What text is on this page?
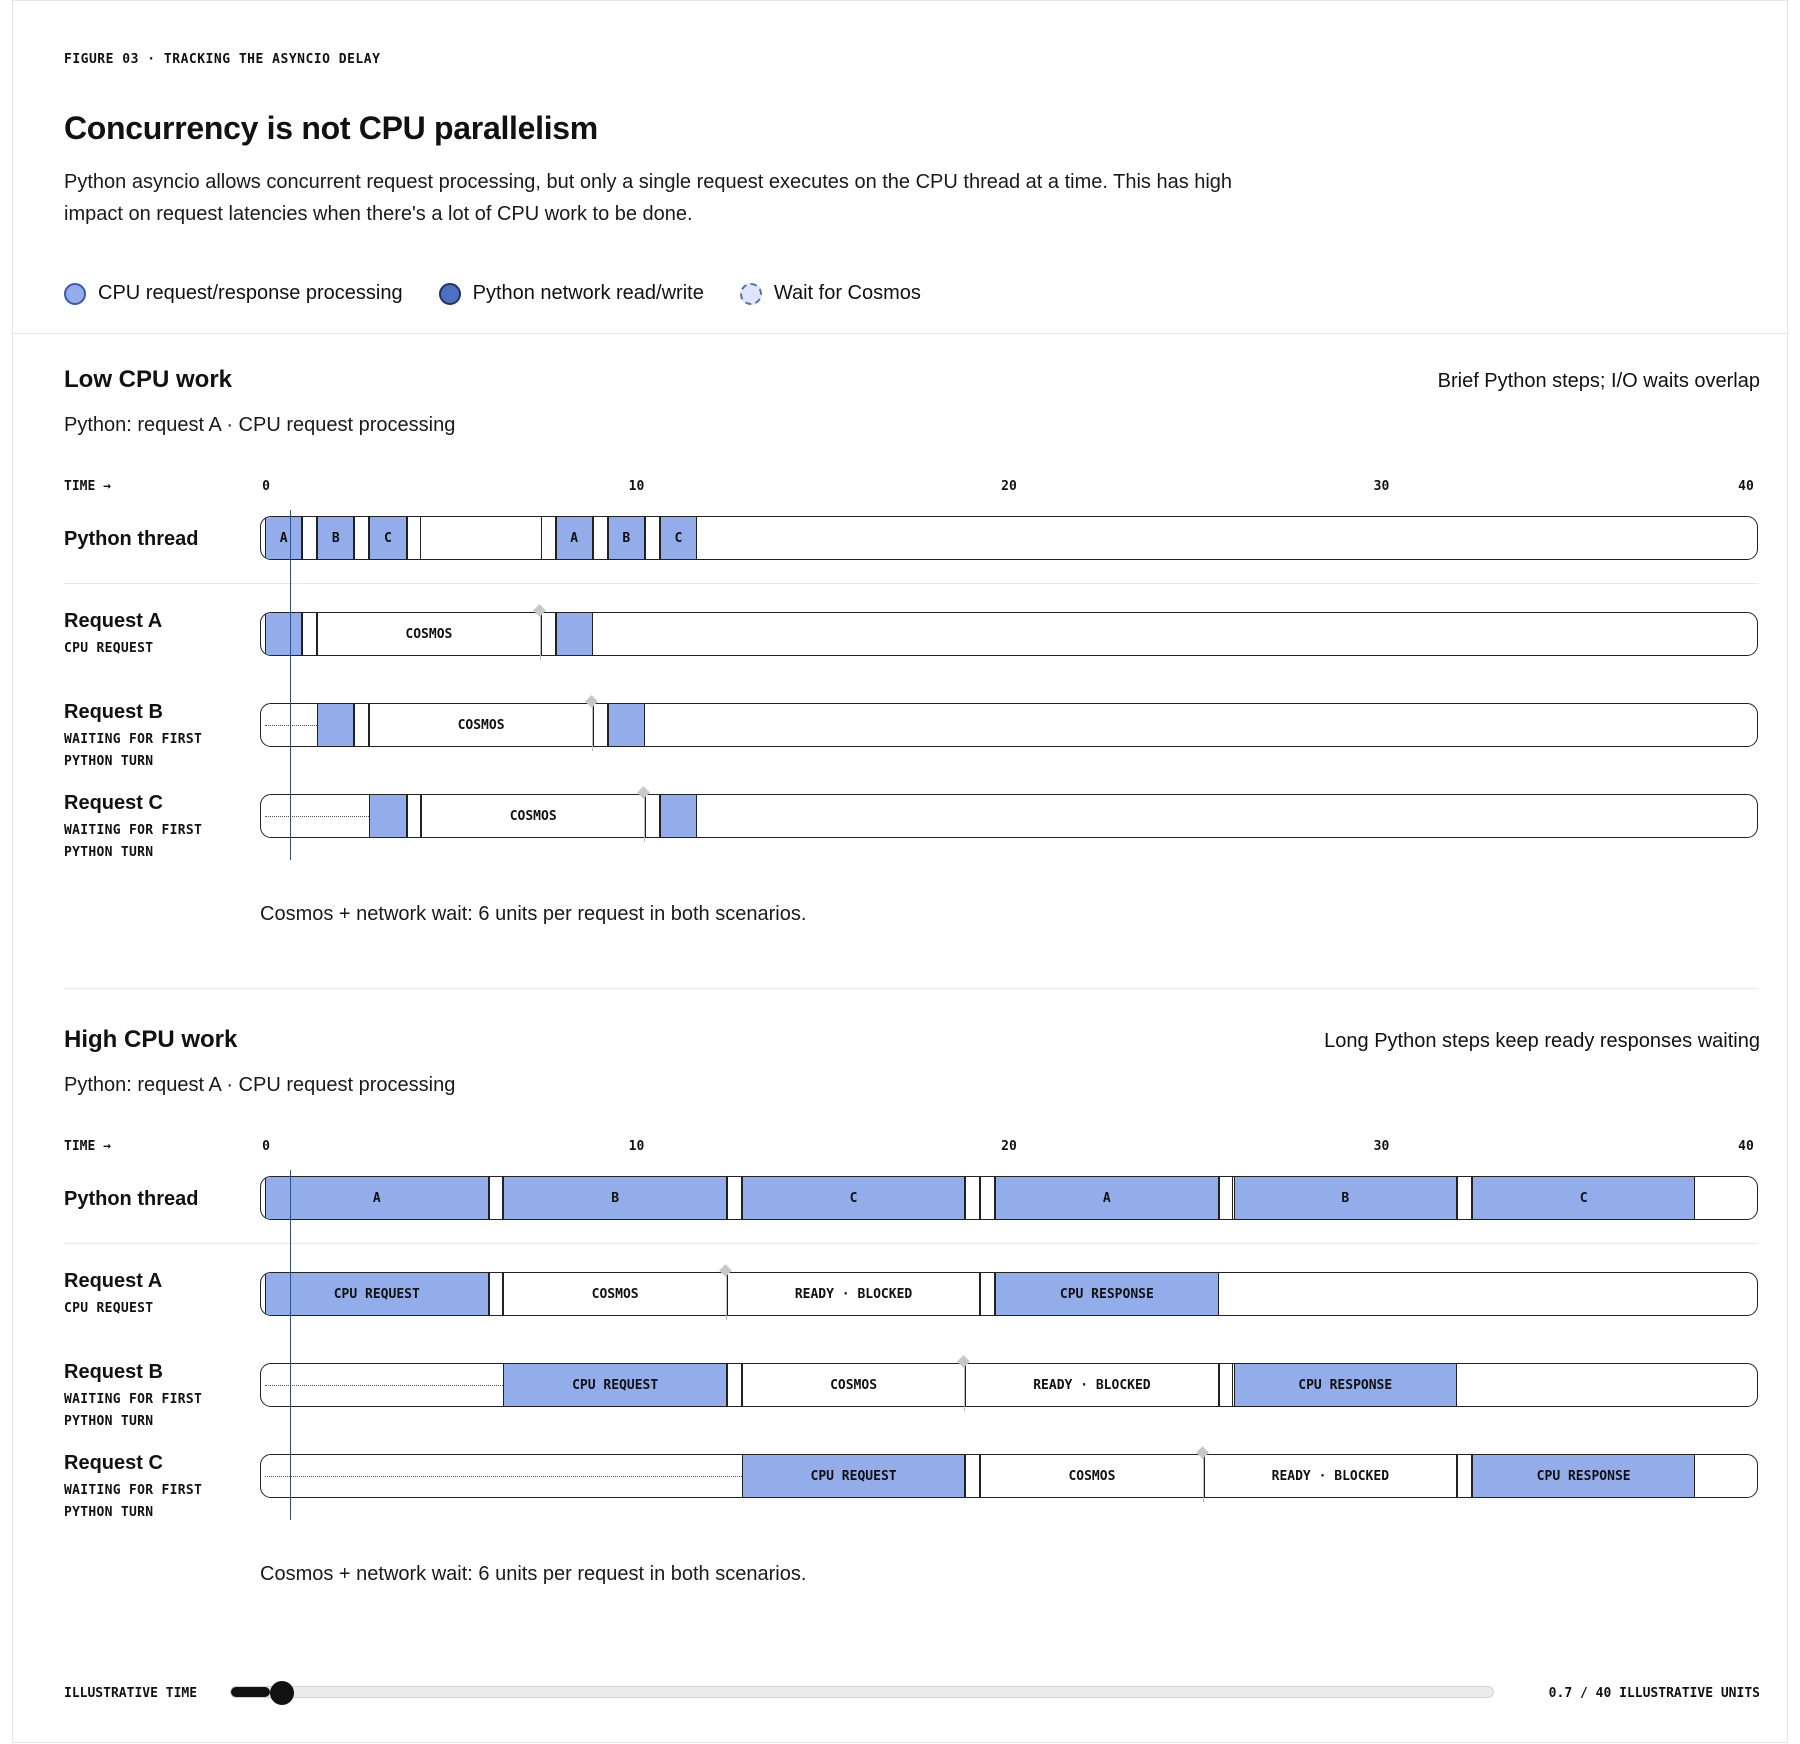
FIGURE 03 · TRACKING THE ASYNCIO DELAY
Concurrency is not CPU parallelism
Python asyncio allows concurrent request processing, but only a single request executes on the CPU thread at a time. This has high impact on request latencies when there's a lot of CPU work to be done.
CPU request/response processing	Python network read/write	Wait for Cosmos
Low CPU work	Brief Python steps; I/O waits overlap
Python: request A · CPU request processing
TIME →	0	10	20	30	40
Python thread	A	B	C	A	B	C
Request A
CPU REQUEST
COSMOS
Request B
WAITING FOR FIRST PYTHON TURN
COSMOS
Request C
WAITING FOR FIRST PYTHON TURN
COSMOS
Cosmos + network wait: 6 units per request in both scenarios.
High CPU work	Long Python steps keep ready responses waiting
Python: request A · CPU request processing
TIME →	0	10	20	30	40
Python thread	A	B	C	A	B	C
Request A
CPU REQUEST
CPU REQUEST	COSMOS	READY · BLOCKED	CPU RESPONSE
Request B
WAITING FOR FIRST PYTHON TURN
CPU REQUEST	COSMOS	READY · BLOCKED	CPU RESPONSE
Request C
WAITING FOR FIRST PYTHON TURN
CPU REQUEST	COSMOS	READY · BLOCKED	CPU RESPONSE
Cosmos + network wait: 6 units per request in both scenarios.
ILLUSTRATIVE TIME	0.7 / 40 ILLUSTRATIVE UNITS
